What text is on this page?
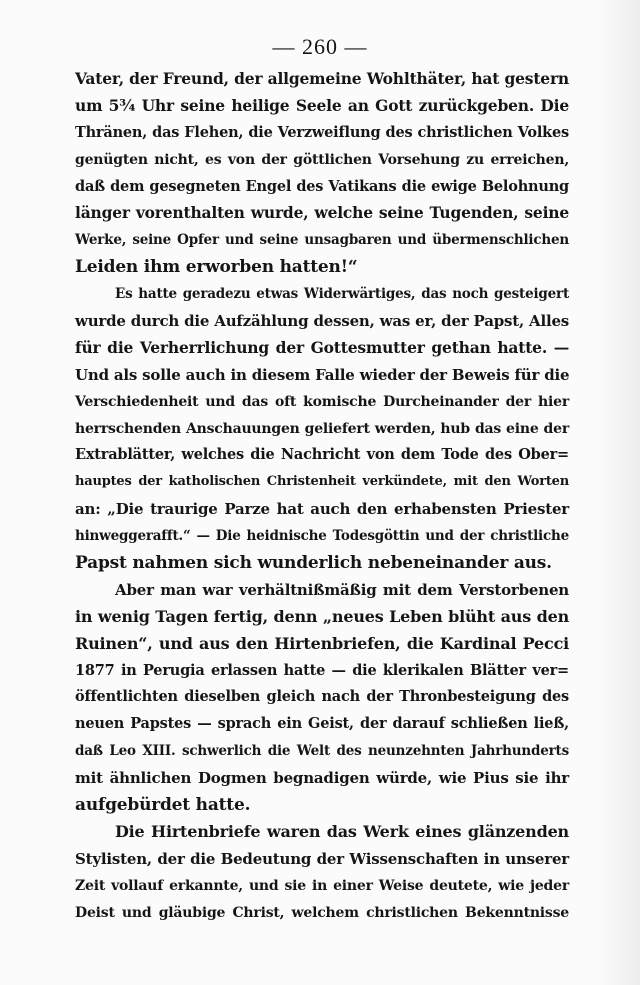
— 260 —
Vater, der Freund, der allgemeine Wohlthäter, hat gestern
um 5¾ Uhr seine heilige Seele an Gott zurückgeben. Die
Thränen, das Flehen, die Verzweiflung des christlichen Volkes
genügten nicht, es von der göttlichen Vorsehung zu erreichen,
daß dem gesegneten Engel des Vatikans die ewige Belohnung
länger vorenthalten wurde, welche seine Tugenden, seine
Werke, seine Opfer und seine unsagbaren und übermenschlichen
Leiden ihm erworben hatten!“
Es hatte geradezu etwas Widerwärtiges, das noch gesteigert
wurde durch die Aufzählung dessen, was er, der Papst, Alles
für die Verherrlichung der Gottesmutter gethan hatte. —
Und als solle auch in diesem Falle wieder der Beweis für die
Verschiedenheit und das oft komische Durcheinander der hier
herrschenden Anschauungen geliefert werden, hub das eine der
Extrablätter, welches die Nachricht von dem Tode des Ober=
hauptes der katholischen Christenheit verkündete, mit den Worten
an: „Die traurige Parze hat auch den erhabensten Priester
hinweggerafft.“ — Die heidnische Todesgöttin und der christliche
Papst nahmen sich wunderlich nebeneinander aus.
Aber man war verhältnißmäßig mit dem Verstorbenen
in wenig Tagen fertig, denn „neues Leben blüht aus den
Ruinen“, und aus den Hirtenbriefen, die Kardinal Pecci
1877 in Perugia erlassen hatte — die klerikalen Blätter ver=
öffentlichten dieselben gleich nach der Thronbesteigung des
neuen Papstes — sprach ein Geist, der darauf schließen ließ,
daß Leo XIII. schwerlich die Welt des neunzehnten Jahrhunderts
mit ähnlichen Dogmen begnadigen würde, wie Pius sie ihr
aufgebürdet hatte.
Die Hirtenbriefe waren das Werk eines glänzenden
Stylisten, der die Bedeutung der Wissenschaften in unserer
Zeit vollauf erkannte, und sie in einer Weise deutete, wie jeder
Deist und gläubige Christ, welchem christlichen Bekenntnisse
